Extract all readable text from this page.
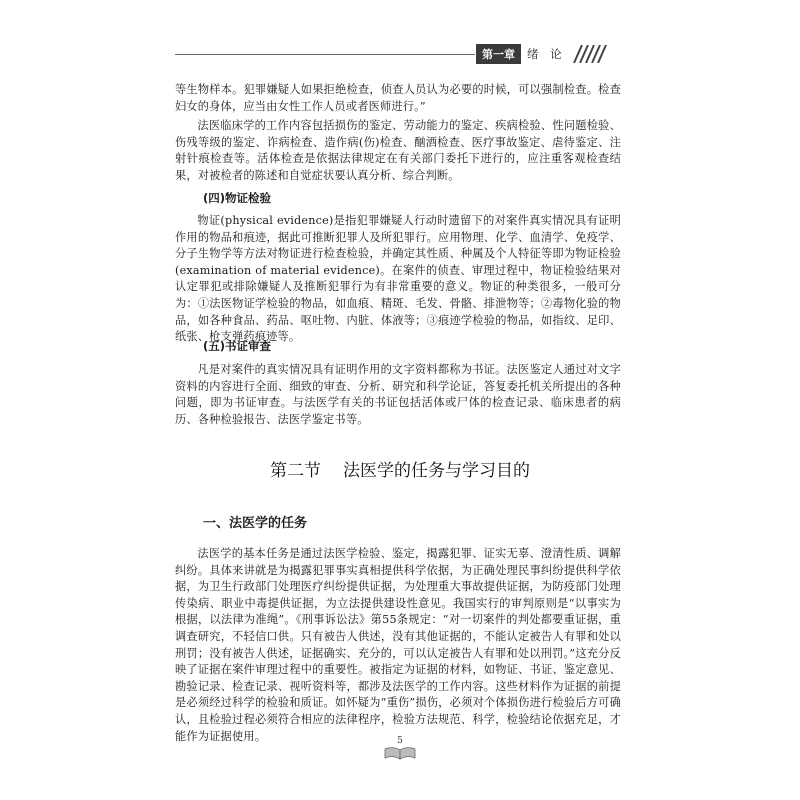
第一章	绪 论

等生物样本。犯罪嫌疑人如果拒绝检查，侦查人员认为必要的时候，可以强制检查。检查妇女的身体，应当由女性工作人员或者医师进行。”

法医临床学的工作内容包括损伤的鉴定、劳动能力的鉴定、疾病检验、性问题检验、伤残等级的鉴定、诈病检查、造作病(伤)检查、酗酒检查、医疗事故鉴定、虐待鉴定、注射针痕检查等。活体检查是依据法律规定在有关部门委托下进行的，应注重客观检查结果，对被检者的陈述和自觉症状要认真分析、综合判断。

(四)物证检验

物证(physical evidence)是指犯罪嫌疑人行动时遗留下的对案件真实情况具有证明作用的物品和痕迹，据此可推断犯罪人及所犯罪行。应用物理、化学、血清学、免疫学、分子生物学等方法对物证进行检查检验，并确定其性质、种属及个人特征等即为物证检验(examination of material evidence)。在案件的侦查、审理过程中，物证检验结果对认定罪犯或排除嫌疑人及推断犯罪行为有非常重要的意义。物证的种类很多，一般可分为：①法医物证学检验的物品，如血痕、精斑、毛发、骨骼、排泄物等；②毒物化验的物品，如各种食品、药品、呕吐物、内脏、体液等；③痕迹学检验的物品，如指纹、足印、纸张、枪支弹药痕迹等。

(五)书证审查

凡是对案件的真实情况具有证明作用的文字资料都称为书证。法医鉴定人通过对文字资料的内容进行全面、细致的审查、分析、研究和科学论证，答复委托机关所提出的各种问题，即为书证审查。与法医学有关的书证包括活体或尸体的检查记录、临床患者的病历、各种检验报告、法医学鉴定书等。

第二节 法医学的任务与学习目的
一、法医学的任务

法医学的基本任务是通过法医学检验、鉴定，揭露犯罪、证实无辜、澄清性质、调解纠纷。具体来讲就是为揭露犯罪事实真相提供科学依据，为正确处理民事纠纷提供科学依据，为卫生行政部门处理医疗纠纷提供证据，为处理重大事故提供证据，为防疫部门处理传染病、职业中毒提供证据，为立法提供建设性意见。我国实行的审判原则是“以事实为根据，以法律为准绳”。《刑事诉讼法》第55条规定：“对一切案件的判处都要重证据，重调查研究，不轻信口供。只有被告人供述，没有其他证据的，不能认定被告人有罪和处以刑罚；没有被告人供述，证据确实、充分的，可以认定被告人有罪和处以刑罚。”这充分反映了证据在案件审理过程中的重要性。被指定为证据的材料，如物证、书证、鉴定意见、勘验记录、检查记录、视听资料等，都涉及法医学的工作内容。这些材料作为证据的前提是必须经过科学的检验和质证。如怀疑为“重伤”损伤，必须对个体损伤进行检验后方可确认，且检验过程必须符合相应的法律程序，检验方法规范、科学，检验结论依据充足，才能作为证据使用。	5
